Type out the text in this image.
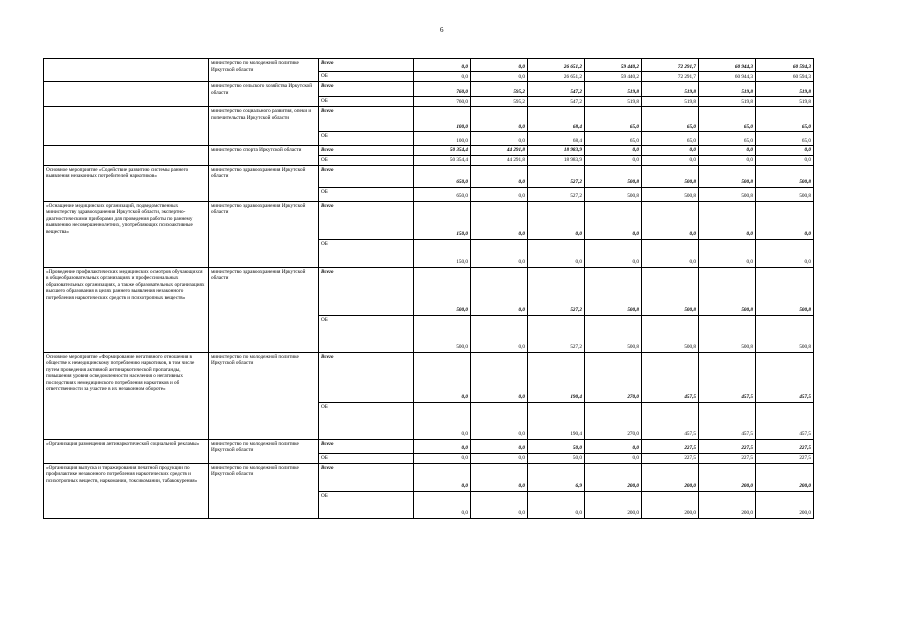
6
	министерство по молодежной политике Иркутской области	Всего	0,0	0,0	26 651,2	59 440,2	72 291,7	60 944,3	60 594,3
		ОБ	0,0	0,0	26 651,2	59 440,2	72 291,7	60 944,3	60 594,3
	министерство сельского хозяйства Иркутской области	Всего	760,0	595,2	547,2	519,8	519,8	519,8	519,8
		ОБ	760,0	595,2	547,2	519,8	519,8	519,8	519,8
	министерство социального развития, опеки и попечительства Иркутской области	Всего	100,0	0,0	68,4	65,0	65,0	65,0	65,0
		ОБ	100,0	0,0	68,4	65,0	65,0	65,0	65,0
	министерство спорта Иркутской области	Всего	50 354,4	44 291,8	18 983,9	0,0	0,0	0,0	0,0
		ОБ	50 354,4	44 291,8	18 983,9	0,0	0,0	0,0	0,0
Основное мероприятие «Содействие развитию системы раннего выявления незаконных потребителей наркотиков»	министерство здравоохранения Иркутской области	Всего	650,0	0,0	527,2	500,8	500,8	500,8	500,8
		ОБ	650,0	0,0	527,2	500,8	500,8	500,8	500,8
«Оснащение медицинских организаций, подведомственных министерству здравоохранения Иркутской области, экспертно-диагностическими приборами для проведения работы по раннему выявлению несовершеннолетних, употребляющих психоактивные вещества»	министерство здравоохранения Иркутской области	Всего	150,0	0,0	0,0	0,0	0,0	0,0	0,0
		ОБ	150,0	0,0	0,0	0,0	0,0	0,0	0,0
«Проведение профилактических медицинских осмотров обучающихся в общеобразовательных организациях и профессиональных образовательных организациях, а также образовательных организациях высшего образования в целях раннего выявления незаконного потребления наркотических средств и психотропных веществ»	министерство здравоохранения Иркутской области	Всего	500,0	0,0	527,2	500,8	500,8	500,8	500,8
		ОБ	500,0	0,0	527,2	500,8	500,8	500,8	500,8
Основное мероприятие «Формирование негативного отношения в обществе к немедицинскому потреблению наркотиков, в том числе путем проведения активной антинаркотической пропаганды, повышения уровня осведомленности населения о негативных последствиях немедицинского потребления наркотиков и об ответственности за участие в их незаконном обороте»	министерство по молодежной политике Иркутской области	Всего	0,0	0,0	190,4	270,0	457,5	457,5	457,5
		ОБ	0,0	0,0	190,4	270,0	457,5	457,5	457,5
«Организация размещения антинаркотической социальной рекламы»	министерство по молодежной политике Иркутской области	Всего	0,0	0,0	50,0	0,0	227,5	227,5	227,5
		ОБ	0,0	0,0	50,0	0,0	227,5	227,5	227,5
«Организация выпуска и тиражирования печатной продукции по профилактике незаконного потребления наркотических средств и психотропных веществ, наркомании, токсикомании, табакокурения»	министерство по молодежной политике Иркутской области	Всего	0,0	0,0	6,9	200,0	200,0	200,0	200,0
		ОБ	0,0	0,0	0,0	200,0	200,0	200,0	200,0
